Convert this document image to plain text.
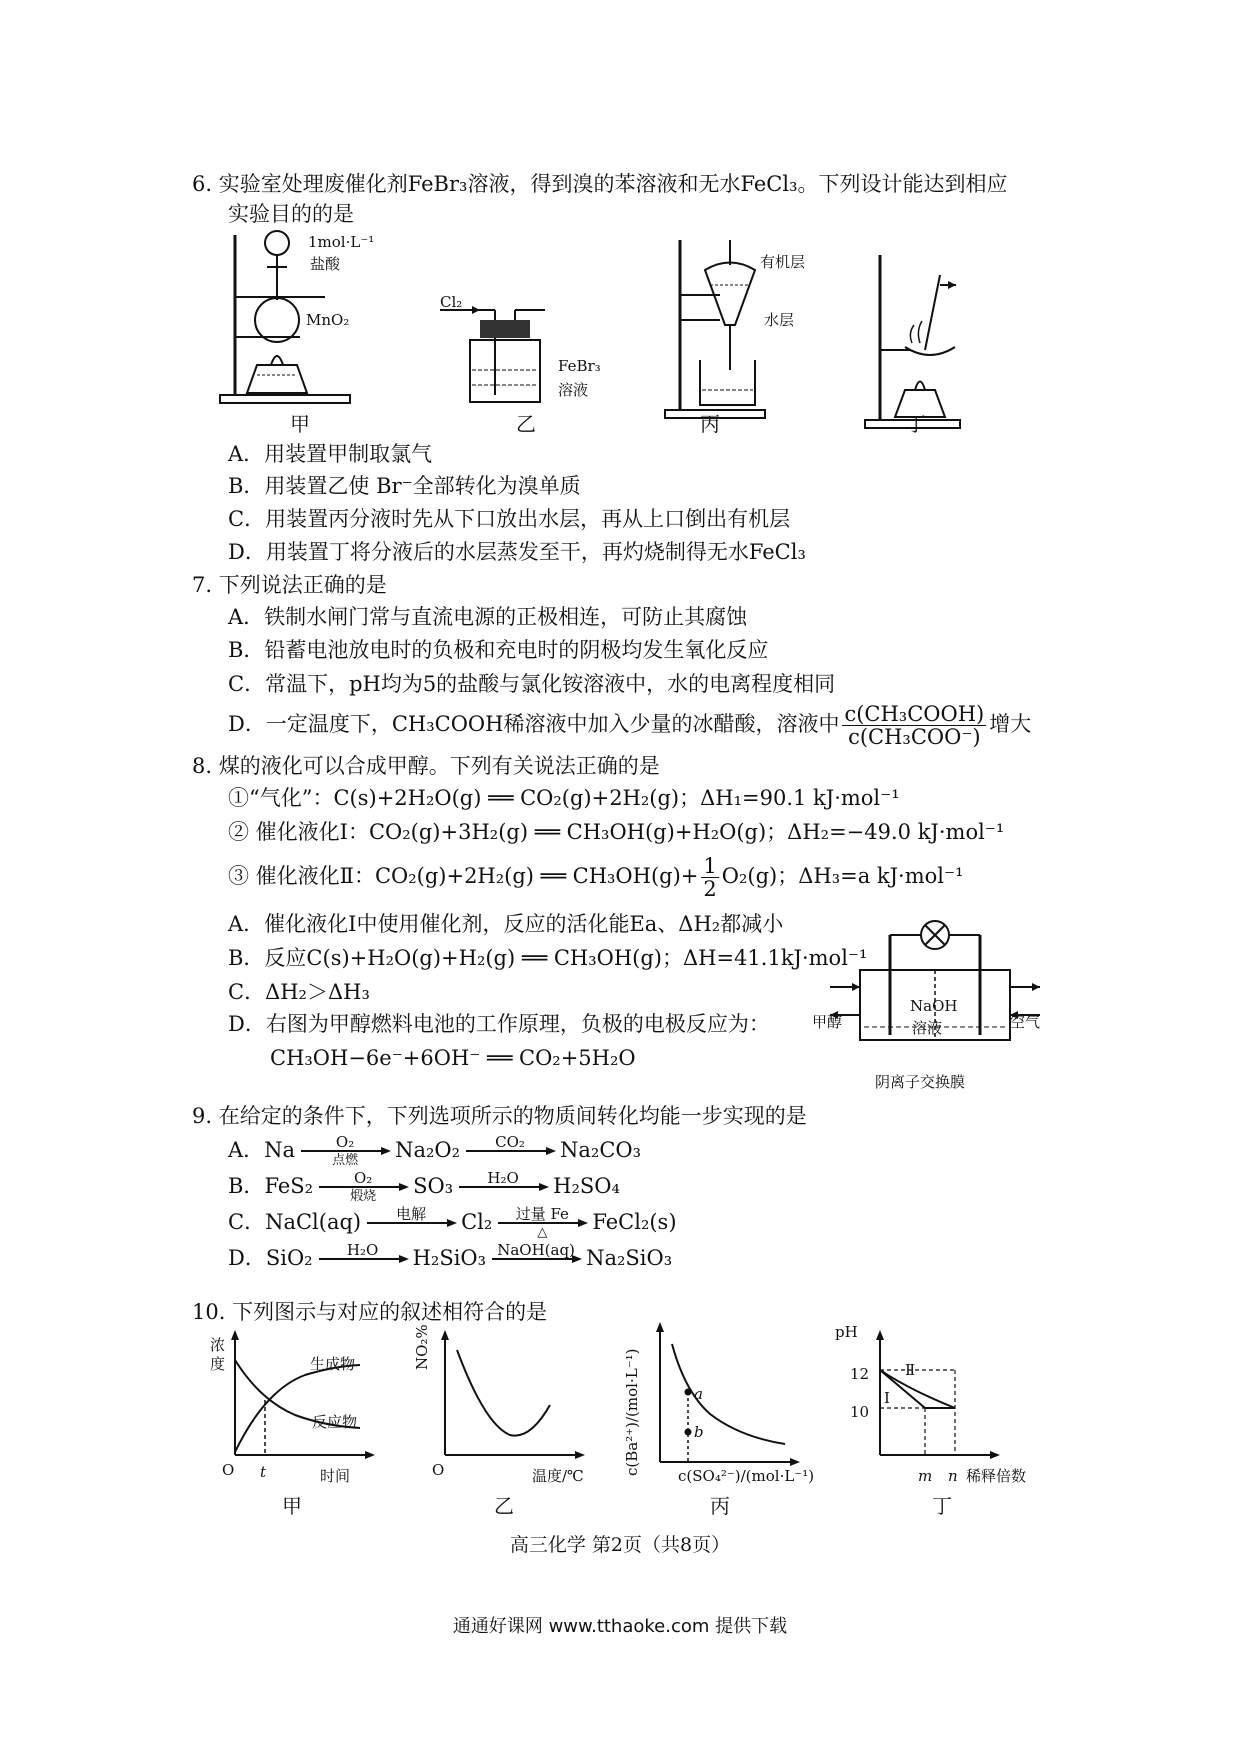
6. 实验室处理废催化剂FeBr₃溶液，得到溴的苯溶液和无水FeCl₃。下列设计能达到相应
实验目的的是
1mol·L⁻¹
盐酸
MnO₂
甲
Cl₂
FeBr₃
溶液
乙
有机层
水层
丙	丁
A．用装置甲制取氯气
B．用装置乙使 Br⁻全部转化为溴单质
C．用装置丙分液时先从下口放出水层，再从上口倒出有机层
D．用装置丁将分液后的水层蒸发至干，再灼烧制得无水FeCl₃
7. 下列说法正确的是
A．铁制水闸门常与直流电源的正极相连，可防止其腐蚀
B．铅蓄电池放电时的负极和充电时的阴极均发生氧化反应
C．常温下，pH均为5的盐酸与氯化铵溶液中，水的电离程度相同
D．一定温度下，CH₃COOH稀溶液中加入少量的冰醋酸，溶液中 $\frac{\text{c(CH₃COOH)}}{\text{c(CH₃COO⁻)}}$ 增大
8. 煤的液化可以合成甲醇。下列有关说法正确的是
①“气化”：C(s)+2H₂O(g) ══ CO₂(g)+2H₂(g)；ΔH₁=90.1 kJ·mol⁻¹
② 催化液化Ⅰ：CO₂(g)+3H₂(g) ══ CH₃OH(g)+H₂O(g)；ΔH₂=−49.0 kJ·mol⁻¹
③ 催化液化Ⅱ：CO₂(g)+2H₂(g) ══ $CH_3OH(g)+ \frac{1}{2} O_2(g)$；ΔH₃=a kJ·mol⁻¹
A．催化液化Ⅰ中使用催化剂，反应的活化能Ea、ΔH₂都减小
B．反应C(s)+H₂O(g)+H₂(g) ══ CH₃OH(g)；ΔH=41.1kJ·mol⁻¹
C．ΔH₂＞ΔH₃
D．右图为甲醇燃料电池的工作原理，负极的电极反应为：
CH₃OH−6e⁻+6OH⁻ ══ CO₂+5H₂O
甲醇	空气
NaOH
溶液
阴离子交换膜
9. 在给定的条件下，下列选项所示的物质间转化均能一步实现的是
A．Na	O₂
点燃	Na₂O₂	CO₂	Na₂CO₃
B．FeS₂	O₂
煅烧	SO₃	H₂O	H₂SO₄
C．NaCl(aq)	电解	Cl₂	过量 Fe
△	FeCl₂(s)
D．SiO₂	H₂O	H₂SiO₃ NaOH(aq) Na₂SiO₃
10. 下列图示与对应的叙述相符合的是
浓度
时间
O t
生成物
反应物
甲
NO₂%
温度/℃
O
乙
c(Ba²⁺)/(mol·L⁻¹)	c(SO₄²⁻)/(mol·L⁻¹)
a
b
丙
pH
12
10
Ⅰ
Ⅱ
m n 稀释倍数
丁
高三化学 第2页（共8页）
通通好课网 www.tthaoke.com 提供下载
